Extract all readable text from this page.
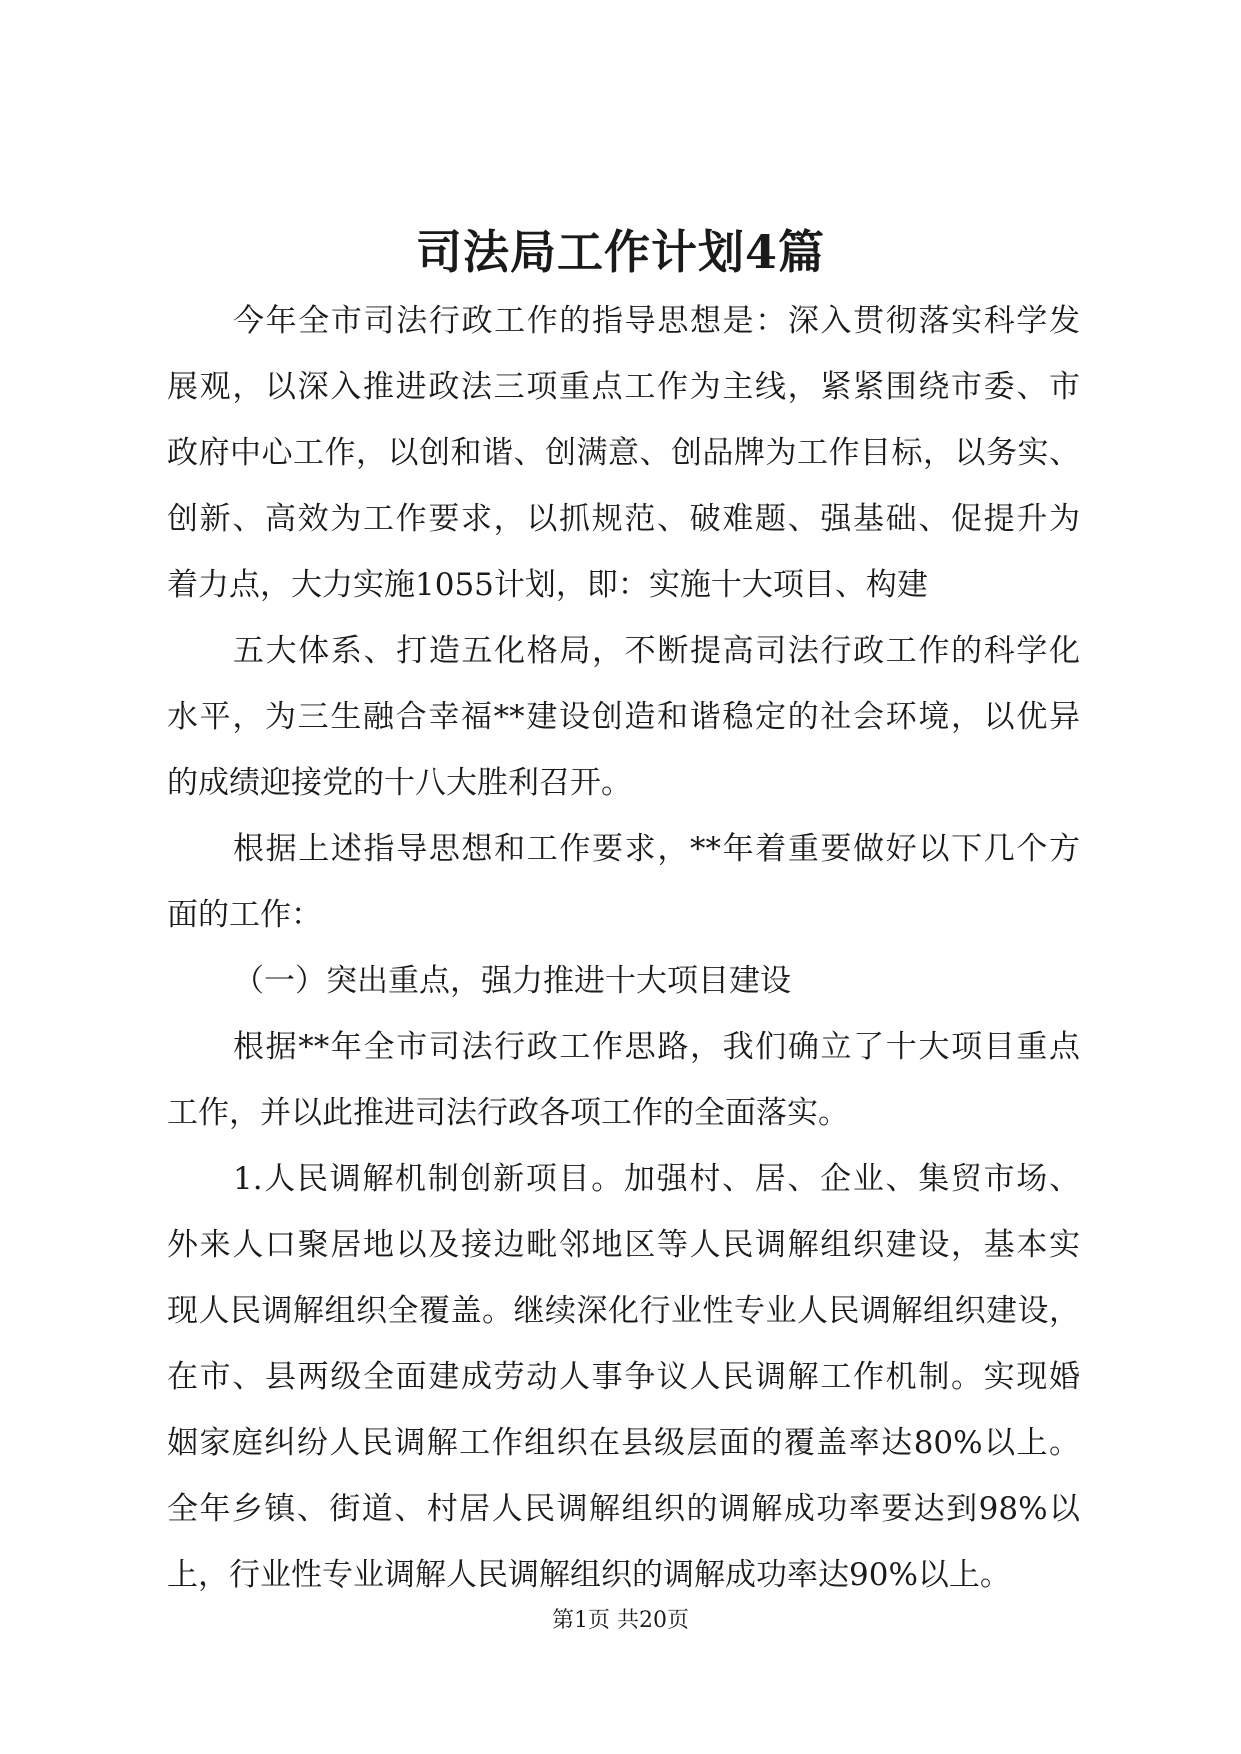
司法局工作计划4篇
今年全市司法行政工作的指导思想是：深入贯彻落实科学发
展观，以深入推进政法三项重点工作为主线，紧紧围绕市委、市
政府中心工作，以创和谐、创满意、创品牌为工作目标，以务实、
创新、高效为工作要求，以抓规范、破难题、强基础、促提升为
着力点，大力实施1055计划，即：实施十大项目、构建
五大体系、打造五化格局，不断提高司法行政工作的科学化
水平，为三生融合幸福**建设创造和谐稳定的社会环境，以优异
的成绩迎接党的十八大胜利召开。
根据上述指导思想和工作要求，**年着重要做好以下几个方
面的工作：
（一）突出重点，强力推进十大项目建设
根据**年全市司法行政工作思路，我们确立了十大项目重点
工作，并以此推进司法行政各项工作的全面落实。
1.人民调解机制创新项目。加强村、居、企业、集贸市场、
外来人口聚居地以及接边毗邻地区等人民调解组织建设，基本实
现人民调解组织全覆盖。继续深化行业性专业人民调解组织建设，
在市、县两级全面建成劳动人事争议人民调解工作机制。实现婚
姻家庭纠纷人民调解工作组织在县级层面的覆盖率达80%以上。
全年乡镇、街道、村居人民调解组织的调解成功率要达到98%以
上，行业性专业调解人民调解组织的调解成功率达90%以上。
第1页 共20页
